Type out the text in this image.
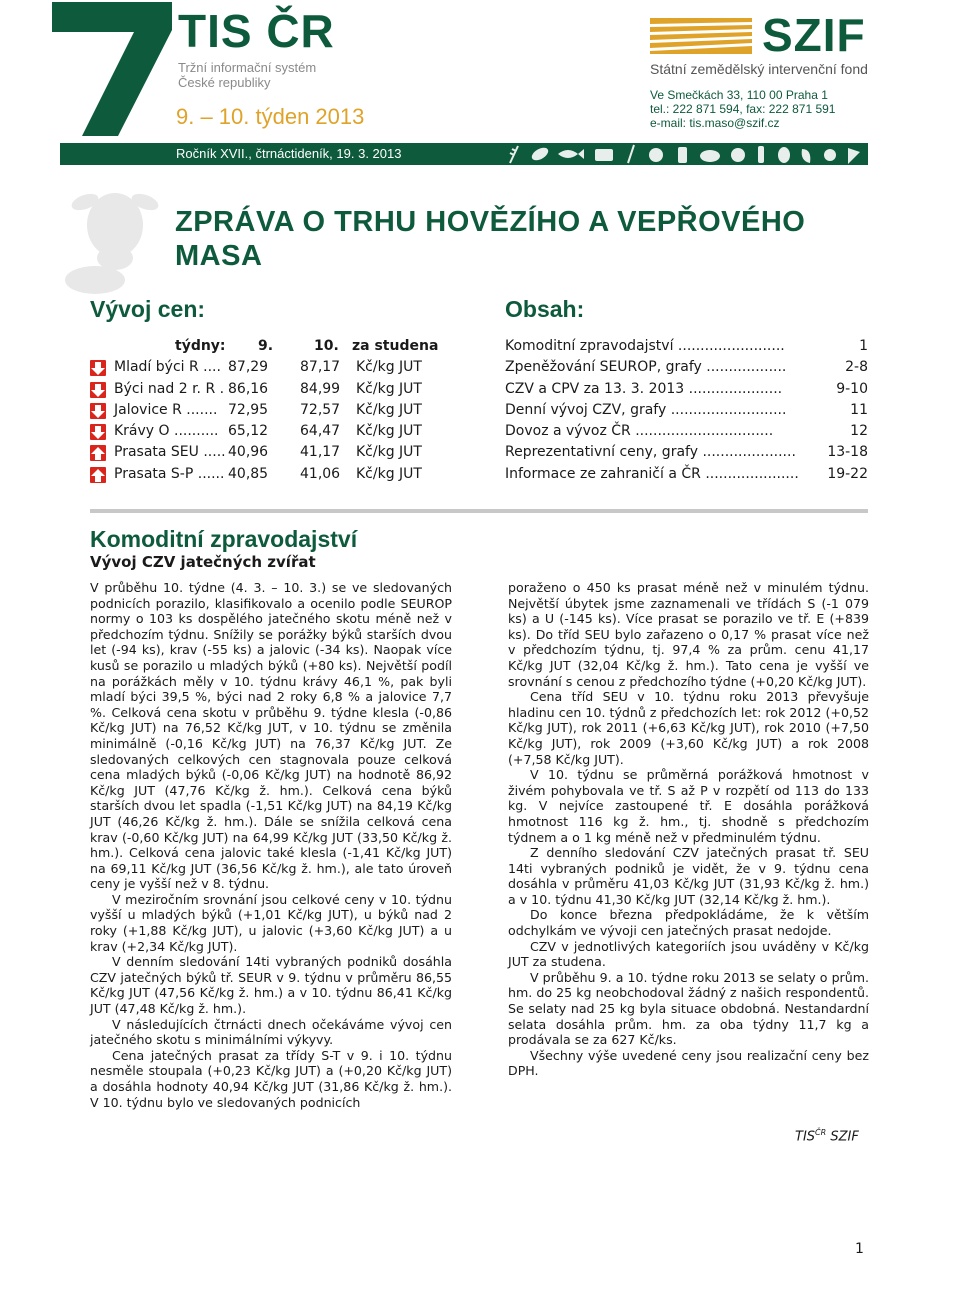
TIS ČR
Tržní informační systém
České republiky
9. – 10. týden 2013
SZIF
Státní zemědělský intervenční fond
Ve Smečkách 33, 110 00 Praha 1
tel.: 222 871 594, fax: 222 871 591
e-mail: tis.maso@szif.cz
Ročník XVII., čtrnáctideník, 19. 3. 2013
ZPRÁVA O TRHU HOVĚZÍHO A VEPŘOVÉHO
MASA
Vývoj cen:
týdny: 9.	10. za studena
Mladí býci R .... 87,29 87,17 Kč/kg JUT
Býci nad 2 r. R . 86,16 84,99 Kč/kg JUT
Jalovice R ....... 72,95 72,57 Kč/kg JUT
Krávy O .......... 65,12 64,47 Kč/kg JUT
Prasata SEU ..... 40,96 41,17 Kč/kg JUT
Prasata S-P ...... 40,85 41,06 Kč/kg JUT
Obsah:
Komoditní zpravodajství ........................	1
Zpeněžování SEUROP, grafy ..................	2-8
CZV a CPV za 13. 3. 2013 .....................	9-10
Denní vývoj CZV, grafy ..........................	11
Dovoz a vývoz ČR ...............................	12
Reprezentativní ceny, grafy ..................... 13-18
Informace ze zahraničí a ČR ..................... 19-22
Komoditní zpravodajství
Vývoj CZV jatečných zvířat

V průběhu 10. týdne (4. 3. – 10. 3.) se ve sledovaných podnicích porazilo, klasifikovalo a ocenilo podle SEUROP normy o 103 ks dospělého jatečného skotu méně než v předchozím týdnu. Snížily se porážky býků starších dvou let (-94 ks), krav (-55 ks) a jalovic (-34 ks). Naopak více kusů se porazilo u mladých býků (+80 ks). Největší podíl na porážkách měly v 10. týdnu krávy 46,1 %, pak byli mladí býci 39,5 %, býci nad 2 roky 6,8 % a jalovice 7,7 %. Celková cena skotu v průběhu 9. týdne klesla (-0,86 Kč/kg JUT) na 76,52 Kč/kg JUT, v 10. týdnu se změnila minimálně (-0,16 Kč/kg JUT) na 76,37 Kč/kg JUT. Ze sledovaných celkových cen stagnovala pouze celková cena mladých býků (-0,06 Kč/kg JUT) na hodnotě 86,92 Kč/kg JUT (47,76 Kč/kg ž. hm.). Celková cena býků starších dvou let spadla (-1,51 Kč/kg JUT) na 84,19 Kč/kg JUT (46,26 Kč/kg ž. hm.). Dále se snížila celková cena krav (-0,60 Kč/kg JUT) na 64,99 Kč/kg JUT (33,50 Kč/kg ž. hm.). Celková cena jalovic také klesla (-1,41 Kč/kg JUT) na 69,11 Kč/kg JUT (36,56 Kč/kg ž. hm.), ale tato úroveň ceny je vyšší než v 8. týdnu.

V meziročním srovnání jsou celkové ceny v 10. týdnu vyšší u mladých býků (+1,01 Kč/kg JUT), u býků nad 2 roky (+1,88 Kč/kg JUT), u jalovic (+3,60 Kč/kg JUT) a u krav (+2,34 Kč/kg JUT).

V denním sledování 14ti vybraných podniků dosáhla CZV jatečných býků tř. SEUR v 9. týdnu v průměru 86,55 Kč/kg JUT (47,56 Kč/kg ž. hm.) a v 10. týdnu 86,41 Kč/kg JUT (47,48 Kč/kg ž. hm.).

V následujících čtrnácti dnech očekáváme vývoj cen jatečného skotu s minimálními výkyvy.

Cena jatečných prasat za třídy S-T v 9. i 10. týdnu nesměle stoupala (+0,23 Kč/kg JUT) a (+0,20 Kč/kg JUT) a dosáhla hodnoty 40,94 Kč/kg JUT (31,86 Kč/kg ž. hm.). V 10. týdnu bylo ve sledovaných podnicích

poraženo o 450 ks prasat méně než v minulém týdnu. Největší úbytek jsme zaznamenali ve třídách S (-1 079 ks) a U (-145 ks). Více prasat se porazilo ve tř. E (+839 ks). Do tříd SEU bylo zařazeno o 0,17 % prasat více než v předchozím týdnu, tj. 97,4 % za prům. cenu 41,17 Kč/kg JUT (32,04 Kč/kg ž. hm.). Tato cena je vyšší ve srovnání s cenou z předchozího týdne (+0,20 Kč/kg JUT).

Cena tříd SEU v 10. týdnu roku 2013 převyšuje hladinu cen 10. týdnů z předchozích let: rok 2012 (+0,52 Kč/kg JUT), rok 2011 (+6,63 Kč/kg JUT), rok 2010 (+7,50 Kč/kg JUT), rok 2009 (+3,60 Kč/kg JUT) a rok 2008 (+7,58 Kč/kg JUT).

V 10. týdnu se průměrná porážková hmotnost v živém pohybovala ve tř. S až P v rozpětí od 113 do 133 kg. V nejvíce zastoupené tř. E dosáhla porážková hmotnost 116 kg ž. hm., tj. shodně s předchozím týdnem a o 1 kg méně než v předminulém týdnu.

Z denního sledování CZV jatečných prasat tř. SEU 14ti vybraných podniků je vidět, že v 9. týdnu cena dosáhla v průměru 41,03 Kč/kg JUT (31,93 Kč/kg ž. hm.) a v 10. týdnu 41,30 Kč/kg JUT (32,14 Kč/kg ž. hm.).

Do konce března předpokládáme, že k větším odchylkám ve vývoji cen jatečných prasat nedojde.

CZV v jednotlivých kategoriích jsou uváděny v Kč/kg JUT za studena.

V průběhu 9. a 10. týdne roku 2013 se selaty o prům. hm. do 25 kg neobchodoval žádný z našich respondentů. Se selaty nad 25 kg byla situace obdobná. Nestandardní selata dosáhla prům. hm. za oba týdny 11,7 kg a prodávala se za 627 Kč/ks.

Všechny výše uvedené ceny jsou realizační ceny bez DPH.

$TIS^{ČR}$ SZIF
1
